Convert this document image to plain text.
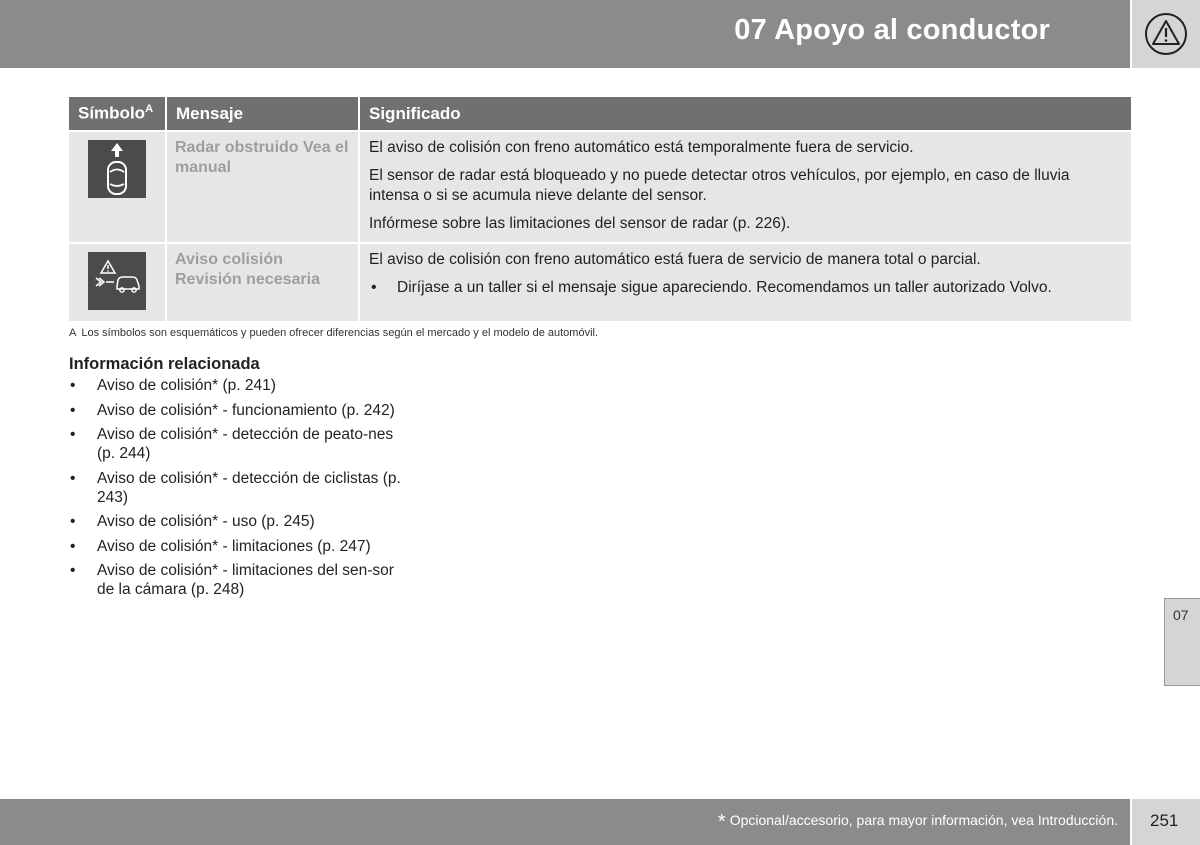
07 Apoyo al conductor
Símbolo$^A$	Mensaje	Significado
	Radar obstruido Vea el manual	El aviso de colisión con freno automático está temporalmente fuera de servicio.

El sensor de radar está bloqueado y no puede detectar otros vehículos, por ejemplo, en caso de lluvia intensa o si se acumula nieve delante del sensor.

Infórmese sobre las limitaciones del sensor de radar (p. 226).

	Aviso colisión Revisión necesaria	El aviso de colisión con freno automático está fuera de servicio de manera total o parcial.

• Diríjase a un taller si el mensaje sigue apareciendo. Recomendamos un taller autorizado Volvo.

A Los símbolos son esquemáticos y pueden ofrecer diferencias según el mercado y el modelo de automóvil.
Información relacionada
• Aviso de colisión* (p. 241)
• Aviso de colisión* - funcionamiento (p. 242)
• Aviso de colisión* - detección de peato-nes (p. 244)
• Aviso de colisión* - detección de ciclistas (p. 243)
• Aviso de colisión* - uso (p. 245)
• Aviso de colisión* - limitaciones (p. 247)
• Aviso de colisión* - limitaciones del sen-sor de la cámara (p. 248)
07
* Opcional/accesorio, para mayor información, vea Introducción. 251
